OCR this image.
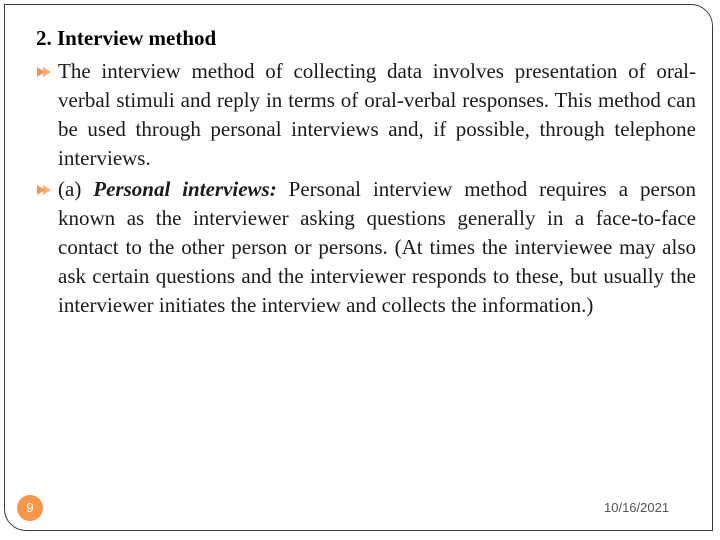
2. Interview method

The interview method of collecting data involves presentation of oral-verbal stimuli and reply in terms of oral-verbal responses. This method can be used through personal interviews and, if possible, through telephone interviews.

(a) Personal interviews: Personal interview method requires a person known as the interviewer asking questions generally in a face-to-face contact to the other person or persons. (At times the interviewee may also ask certain questions and the interviewer responds to these, but usually the interviewer initiates the interview and collects the information.)

9	10/16/2021
